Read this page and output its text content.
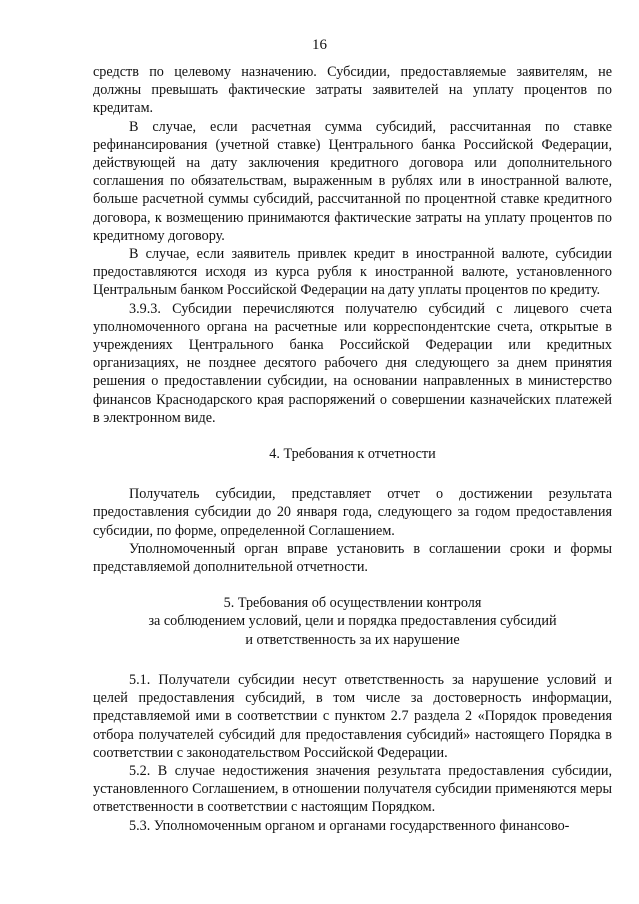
16

средств по целевому назначению. Субсидии, предоставляемые заявителям, не должны превышать фактические затраты заявителей на уплату процентов по кредитам.

В случае, если расчетная сумма субсидий, рассчитанная по ставке рефинансирования (учетной ставке) Центрального банка Российской Федерации, действующей на дату заключения кредитного договора или дополнительного соглашения по обязательствам, выраженным в рублях или в иностранной валюте, больше расчетной суммы субсидий, рассчитанной по процентной ставке кредитного договора, к возмещению принимаются фактические затраты на уплату процентов по кредитному договору.

В случае, если заявитель привлек кредит в иностранной валюте, субсидии предоставляются исходя из курса рубля к иностранной валюте, установленного Центральным банком Российской Федерации на дату уплаты процентов по кредиту.

3.9.3. Субсидии перечисляются получателю субсидий с лицевого счета уполномоченного органа на расчетные или корреспондентские счета, открытые в учреждениях Центрального банка Российской Федерации или кредитных организациях, не позднее десятого рабочего дня следующего за днем принятия решения о предоставлении субсидии, на основании направленных в министерство финансов Краснодарского края распоряжений о совершении казначейских платежей в электронном виде.

4. Требования к отчетности

Получатель субсидии, представляет отчет о достижении результата предоставления субсидии до 20 января года, следующего за годом предоставления субсидии, по форме, определенной Соглашением.

Уполномоченный орган вправе установить в соглашении сроки и формы представляемой дополнительной отчетности.

5. Требования об осуществлении контроля
за соблюдением условий, цели и порядка предоставления субсидий
и ответственность за их нарушение

5.1. Получатели субсидии несут ответственность за нарушение условий и целей предоставления субсидий, в том числе за достоверность информации, представляемой ими в соответствии с пунктом 2.7 раздела 2 «Порядок проведения отбора получателей субсидий для предоставления субсидий» настоящего Порядка в соответствии с законодательством Российской Федерации.

5.2. В случае недостижения значения результата предоставления субсидии, установленного Соглашением, в отношении получателя субсидии применяются меры ответственности в соответствии с настоящим Порядком.

5.3. Уполномоченным органом и органами государственного финансово-
